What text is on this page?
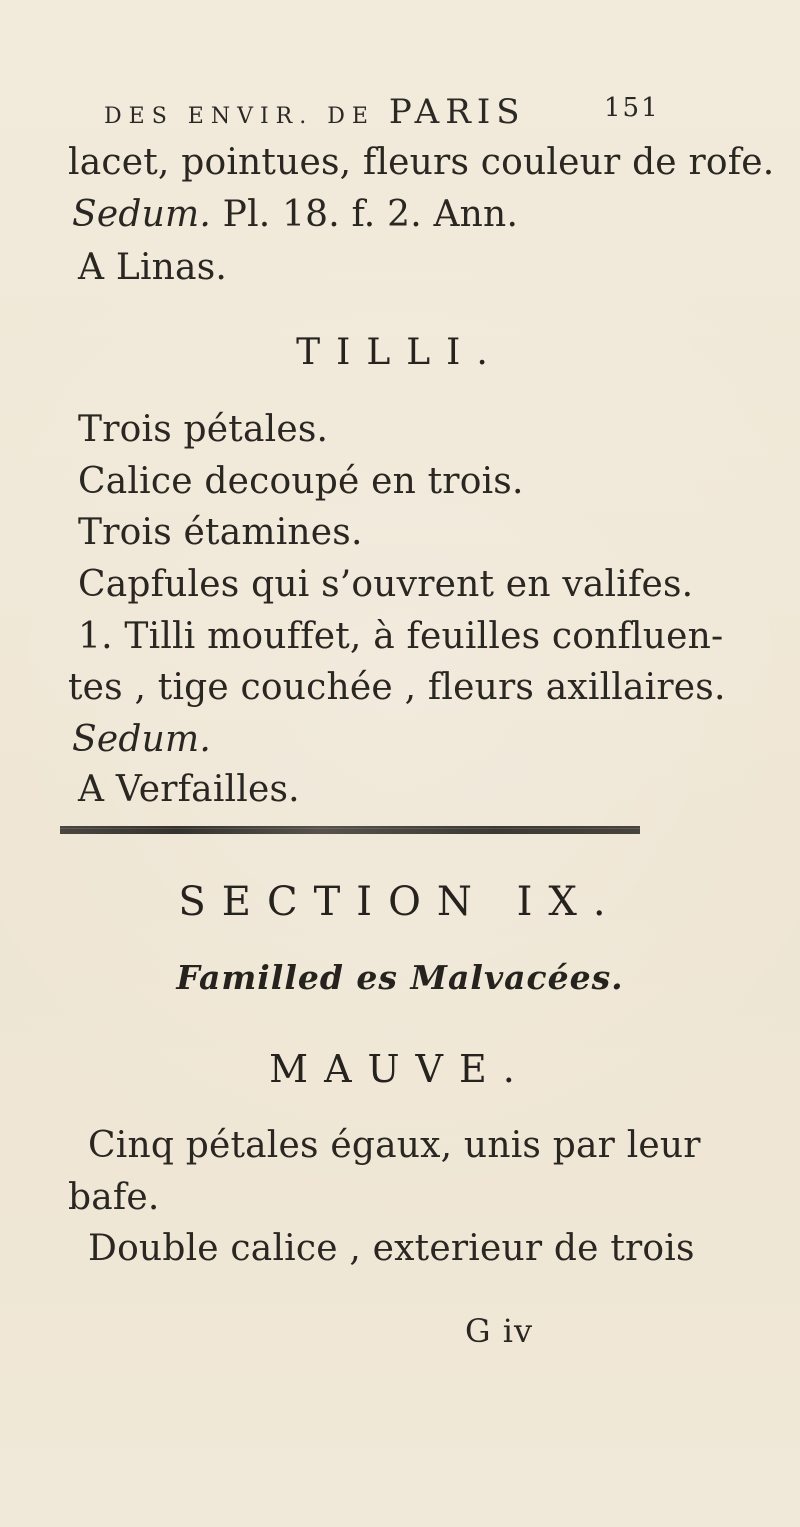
DES ENVIR. DE PARIS	151
lacet, pointues, fleurs couleur de rofe.
Sedum. Pl. 18. f. 2. Ann.
A Linas.
TILLI.
Trois pétales.
Calice decoupé en trois.
Trois étamines.
Capfules qui s’ouvrent en valifes.
1. Tilli mouffet, à feuilles confluen-
tes , tige couchée , fleurs axillaires.
Sedum.
A Verfailles.
SECTION IX.
Familled es Malvacées.
MAUVE.
Cinq pétales égaux, unis par leur
bafe.
Double calice , exterieur de trois
G iv
